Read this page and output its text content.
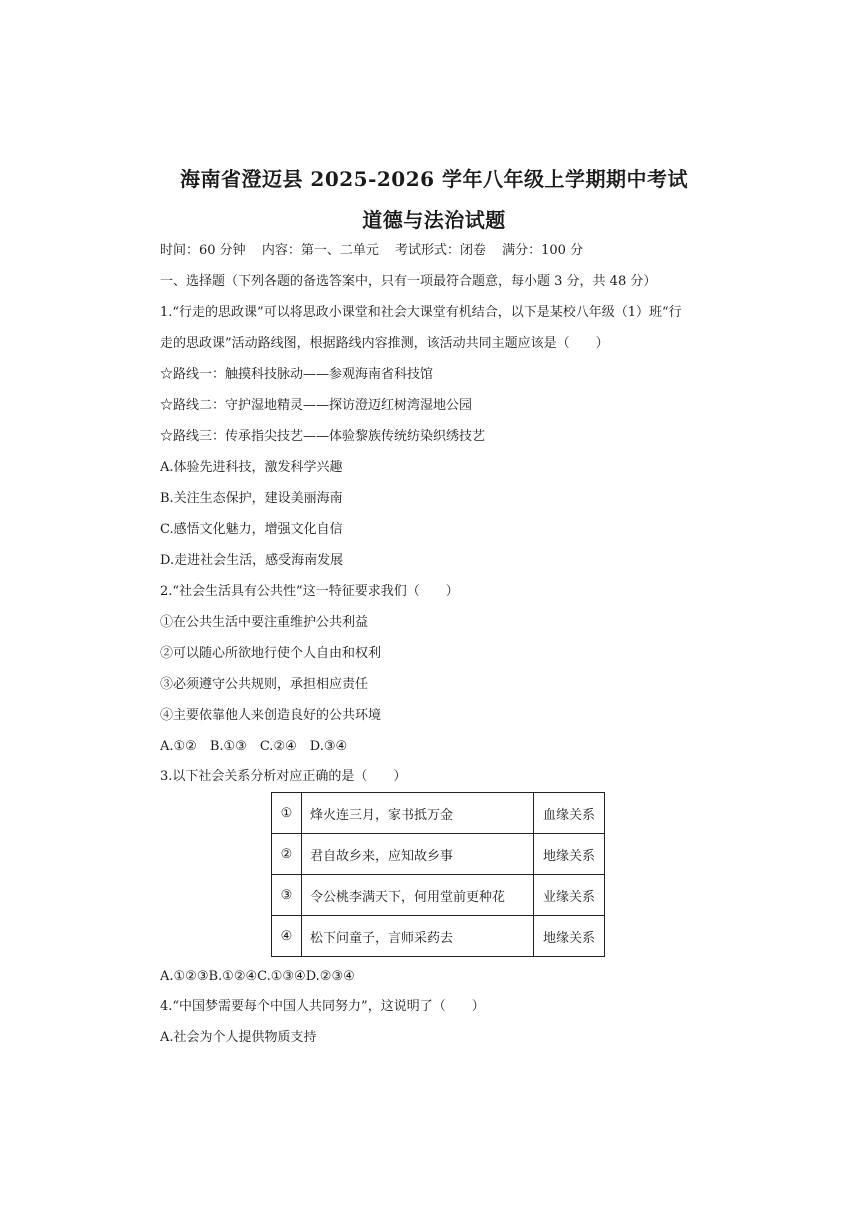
海南省澄迈县 2025-2026 学年八年级上学期期中考试
道德与法治试题
时间：60 分钟 内容：第一、二单元 考试形式：闭卷 满分：100 分
一、选择题（下列各题的备选答案中，只有一项最符合题意，每小题 3 分，共 48 分）
1.“行走的思政课”可以将思政小课堂和社会大课堂有机结合，以下是某校八年级（1）班“行
走的思政课”活动路线图，根据路线内容推测，该活动共同主题应该是（　　）
☆路线一：触摸科技脉动——参观海南省科技馆
☆路线二：守护湿地精灵——探访澄迈红树湾湿地公园
☆路线三：传承指尖技艺——体验黎族传统纺染织绣技艺
A.体验先进科技，激发科学兴趣
B.关注生态保护，建设美丽海南
C.感悟文化魅力，增强文化自信
D.走进社会生活，感受海南发展
2.“社会生活具有公共性”这一特征要求我们（　　）
①在公共生活中要注重维护公共利益
②可以随心所欲地行使个人自由和权利
③必须遵守公共规则，承担相应责任
④主要依靠他人来创造良好的公共环境
A.①②　B.①③　C.②④　D.③④
3.以下社会关系分析对应正确的是（　　）
①	烽火连三月，家书抵万金	血缘关系
②	君自故乡来，应知故乡事	地缘关系
③	令公桃李满天下，何用堂前更种花	业缘关系
④	松下问童子，言师采药去	地缘关系
A.①②③B.①②④C.①③④D.②③④
4.“中国梦需要每个中国人共同努力”，这说明了（　　）
A.社会为个人提供物质支持
